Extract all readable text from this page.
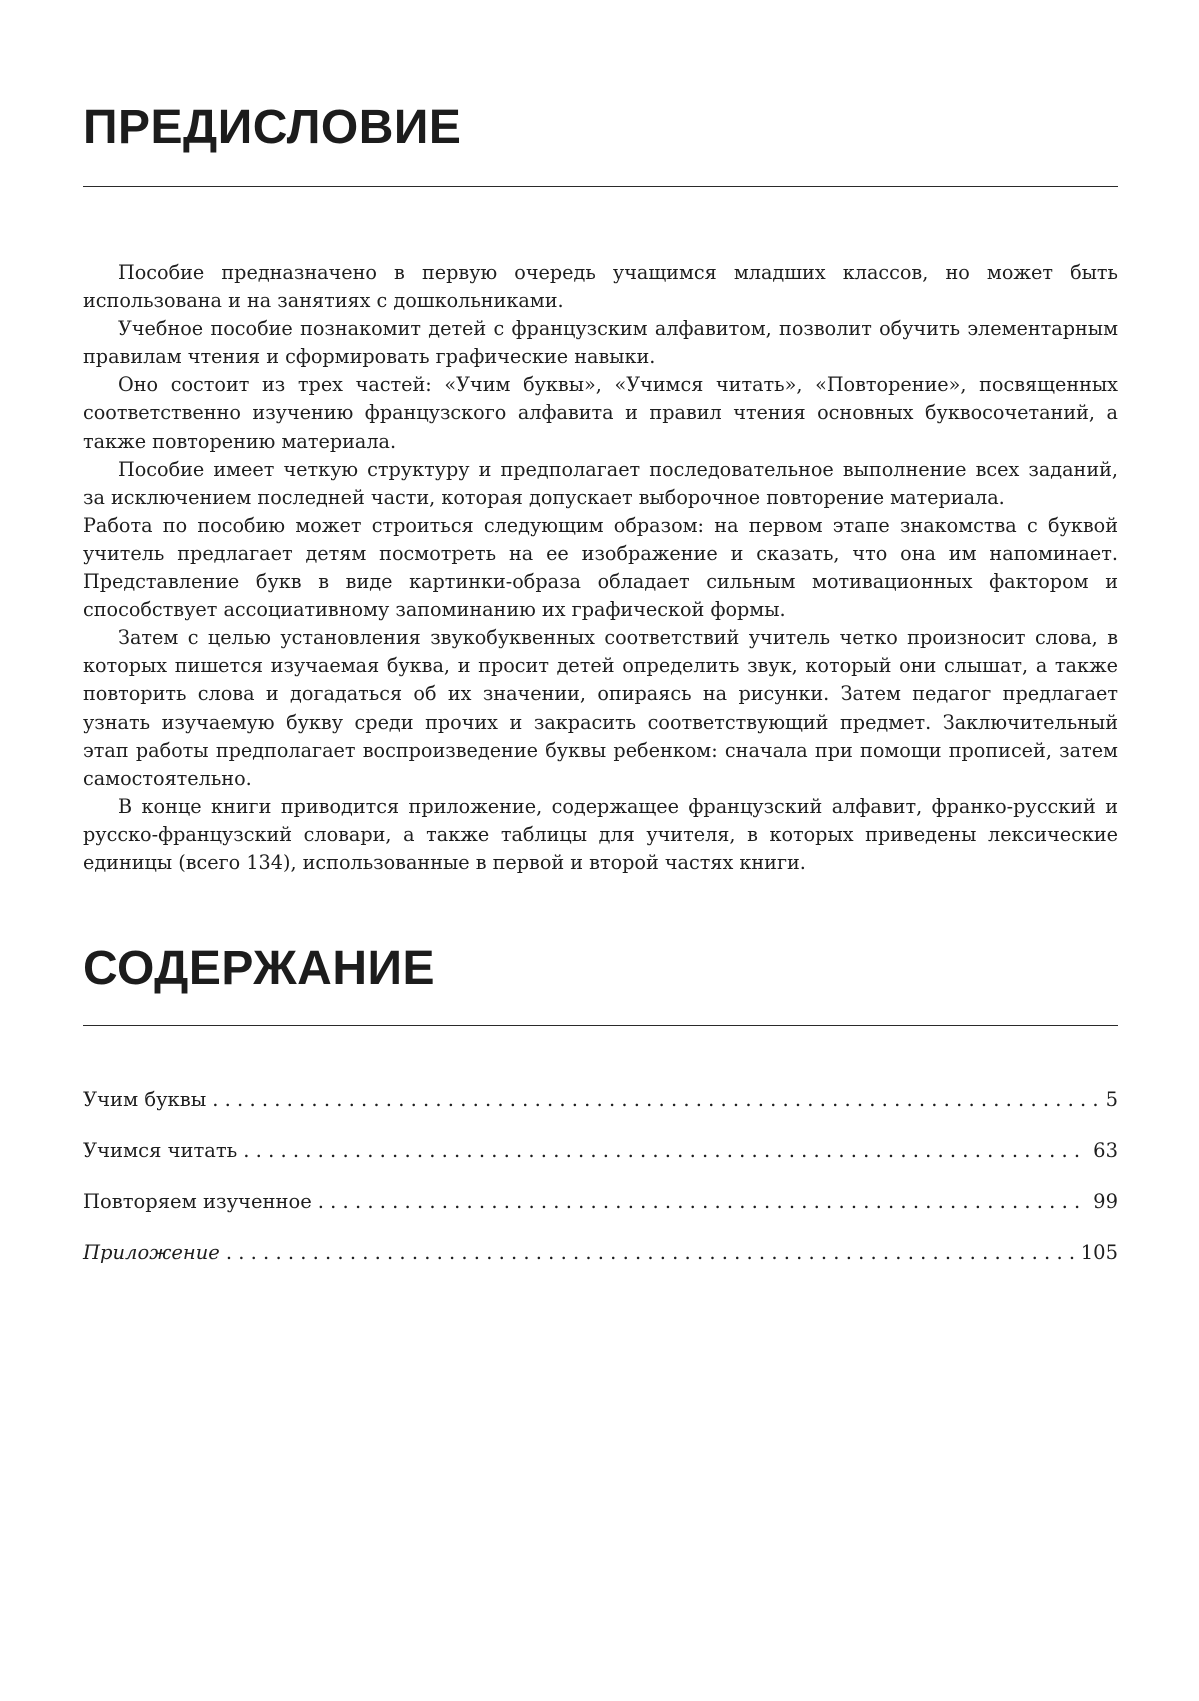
ПРЕДИСЛОВИЕ

Пособие предназначено в первую очередь учащимся младших классов, но может быть использована и на занятиях с дошкольниками.

Учебное пособие познакомит детей с французским алфавитом, позволит обучить элементарным правилам чтения и сформировать графические навыки.

Оно состоит из трех частей: «Учим буквы», «Учимся читать», «Повторение», посвященных соответственно изучению французского алфавита и правил чтения основных буквосочетаний, а также повторению материала.

Пособие имеет четкую структуру и предполагает последовательное выполнение всех заданий, за исключением последней части, которая допускает выборочное повторение материала.

Работа по пособию может строиться следующим образом: на первом этапе знакомства с буквой учитель предлагает детям посмотреть на ее изображение и сказать, что она им напоминает. Представление букв в виде картинки-образа обладает сильным мотивационных фактором и способствует ассоциативному запоминанию их графической формы.

Затем с целью установления звукобуквенных соответствий учитель четко произносит слова, в которых пишется изучаемая буква, и просит детей определить звук, который они слышат, а также повторить слова и догадаться об их значении, опираясь на рисунки. Затем педагог предлагает узнать изучаемую букву среди прочих и закрасить соответствующий предмет. Заключительный этап работы предполагает воспроизведение буквы ребенком: сначала при помощи прописей, затем самостоятельно.

В конце книги приводится приложение, содержащее французский алфавит, франко-русский и русско-французский словари, а также таблицы для учителя, в которых приведены лексические единицы (всего 134), использованные в первой и второй частях книги.

СОДЕРЖАНИЕ
Учим буквы . . .	5
Учимся читать . . .	63
Повторяем изученное . . .	99
Приложение . . .	105
